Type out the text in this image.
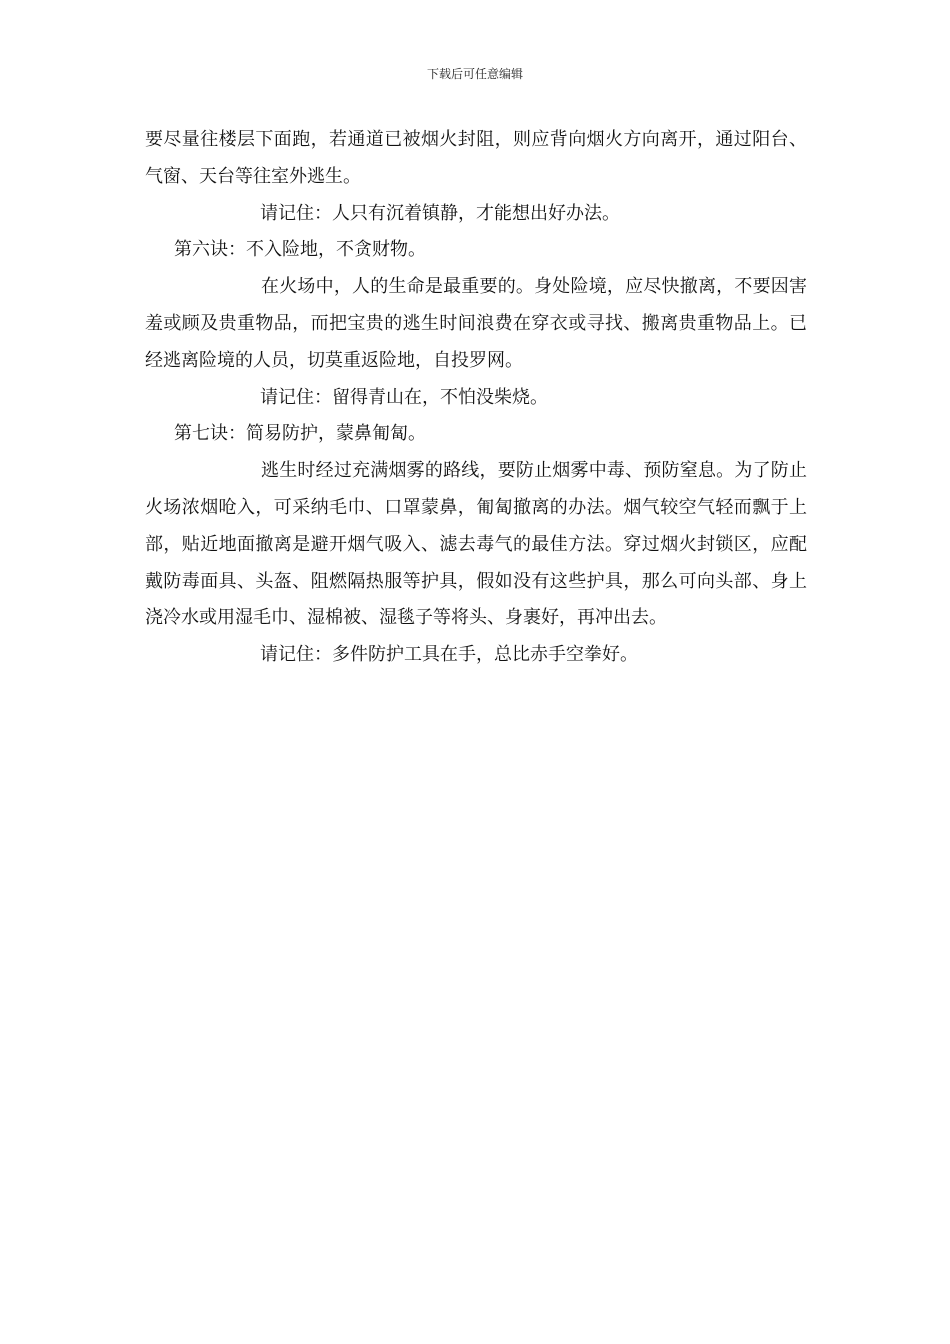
下载后可任意编辑

要尽量往楼层下面跑，若通道已被烟火封阻，则应背向烟火方向离开，通过阳台、气窗、天台等往室外逃生。

请记住：人只有沉着镇静，才能想出好办法。

第六诀：不入险地，不贪财物。

在火场中，人的生命是最重要的。身处险境，应尽快撤离，不要因害羞或顾及贵重物品，而把宝贵的逃生时间浪费在穿衣或寻找、搬离贵重物品上。已经逃离险境的人员，切莫重返险地，自投罗网。

请记住：留得青山在，不怕没柴烧。

第七诀：简易防护，蒙鼻匍匐。

逃生时经过充满烟雾的路线，要防止烟雾中毒、预防窒息。为了防止火场浓烟呛入，可采纳毛巾、口罩蒙鼻，匍匐撤离的办法。烟气较空气轻而飘于上部，贴近地面撤离是避开烟气吸入、滤去毒气的最佳方法。穿过烟火封锁区，应配戴防毒面具、头盔、阻燃隔热服等护具，假如没有这些护具，那么可向头部、身上浇冷水或用湿毛巾、湿棉被、湿毯子等将头、身裹好，再冲出去。

请记住：多件防护工具在手，总比赤手空拳好。
